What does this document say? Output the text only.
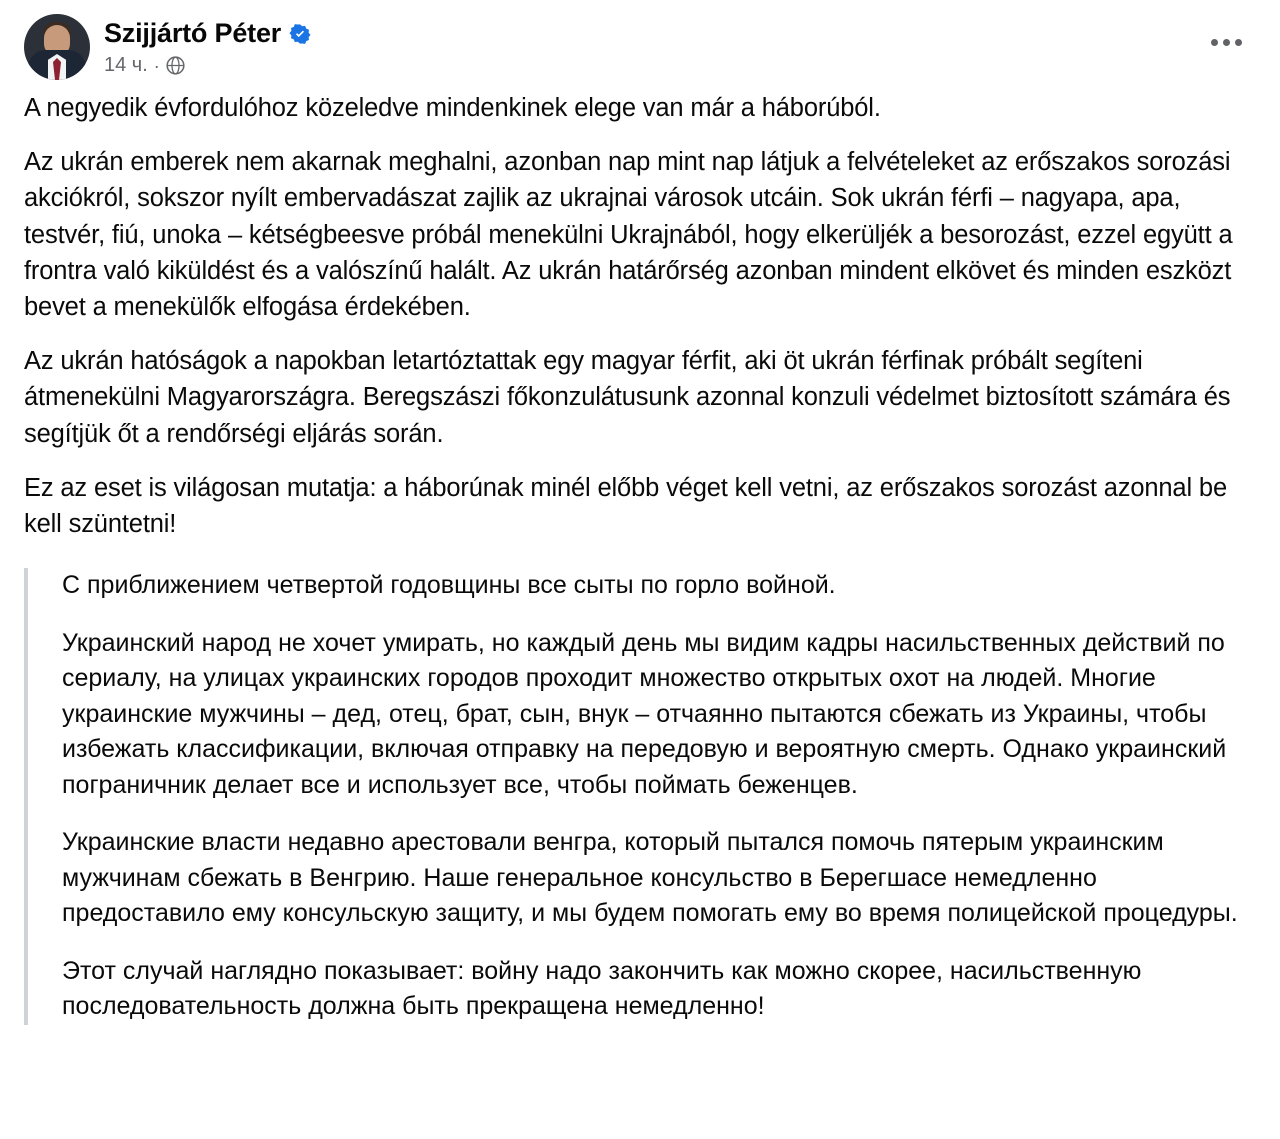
Szijjártó Péter
14 ч. ·

A negyedik évfordulóhoz közeledve mindenkinek elege van már a háborúból.

Az ukrán emberek nem akarnak meghalni, azonban nap mint nap látjuk a felvételeket az erőszakos sorozási akciókról, sokszor nyílt embervadászat zajlik az ukrajnai városok utcáin. Sok ukrán férfi – nagyapa, apa, testvér, fiú, unoka – kétségbeesve próbál menekülni Ukrajnából, hogy elkerüljék a besorozást, ezzel együtt a frontra való kiküldést és a valószínű halált. Az ukrán határőrség azonban mindent elkövet és minden eszközt bevet a menekülők elfogása érdekében.

Az ukrán hatóságok a napokban letartóztattak egy magyar férfit, aki öt ukrán férfinak próbált segíteni átmenekülni Magyarországra. Beregszászi főkonzulátusunk azonnal konzuli védelmet biztosított számára és segítjük őt a rendőrségi eljárás során.

Ez az eset is világosan mutatja: a háborúnak minél előbb véget kell vetni, az erőszakos sorozást azonnal be kell szüntetni!

С приближением четвертой годовщины все сыты по горло войной.

Украинский народ не хочет умирать, но каждый день мы видим кадры насильственных действий по сериалу, на улицах украинских городов проходит множество открытых охот на людей. Многие украинские мужчины – дед, отец, брат, сын, внук – отчаянно пытаются сбежать из Украины, чтобы избежать классификации, включая отправку на передовую и вероятную смерть. Однако украинский пограничник делает все и использует все, чтобы поймать беженцев.

Украинские власти недавно арестовали венгра, который пытался помочь пятерым украинским мужчинам сбежать в Венгрию. Наше генеральное консульство в Берегшасе немедленно предоставило ему консульскую защиту, и мы будем помогать ему во время полицейской процедуры.

Этот случай наглядно показывает: войну надо закончить как можно скорее, насильственную последовательность должна быть прекращена немедленно!
